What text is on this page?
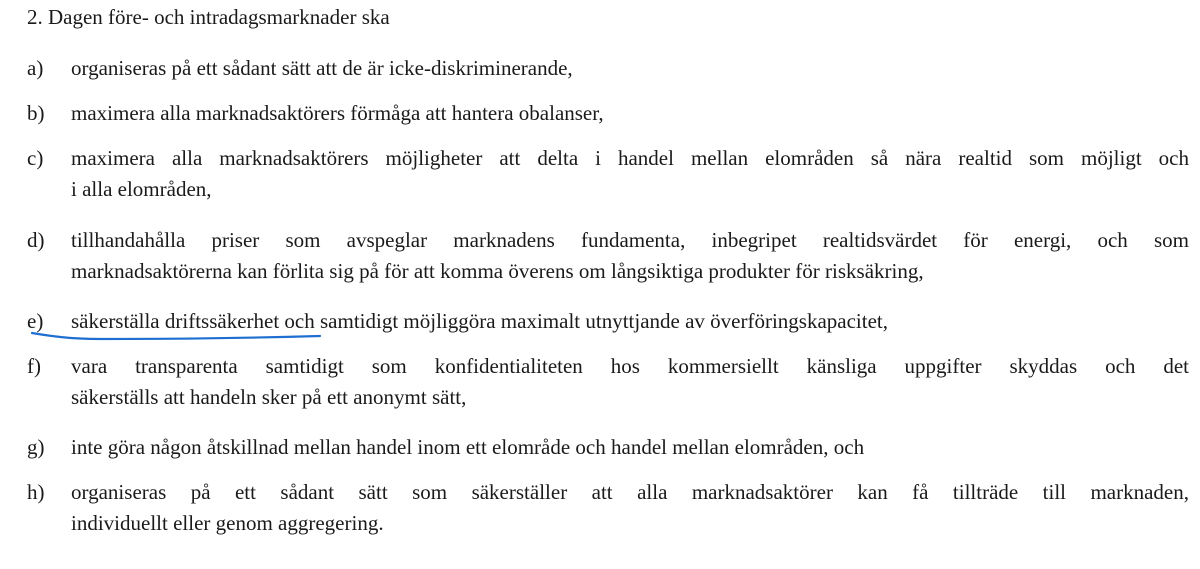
2. Dagen före- och intradagsmarknader ska
a)	organiseras på ett sådant sätt att de är icke-diskriminerande,
b)	maximera alla marknadsaktörers förmåga att hantera obalanser,
c)	maximera alla marknadsaktörers möjligheter att delta i handel mellan elområden så nära realtid som möjligt och
i alla elområden,
d)	tillhandahålla priser som avspeglar marknadens fundamenta, inbegripet realtidsvärdet för energi, och som
marknadsaktörerna kan förlita sig på för att komma överens om långsiktiga produkter för risksäkring,
e)	säkerställa driftssäkerhet och samtidigt möjliggöra maximalt utnyttjande av överföringskapacitet,
f)	vara transparenta samtidigt som konfidentialiteten hos kommersiellt känsliga uppgifter skyddas och det
säkerställs att handeln sker på ett anonymt sätt,
g)	inte göra någon åtskillnad mellan handel inom ett elområde och handel mellan elområden, och
h)	organiseras på ett sådant sätt som säkerställer att alla marknadsaktörer kan få tillträde till marknaden,
individuellt eller genom aggregering.
